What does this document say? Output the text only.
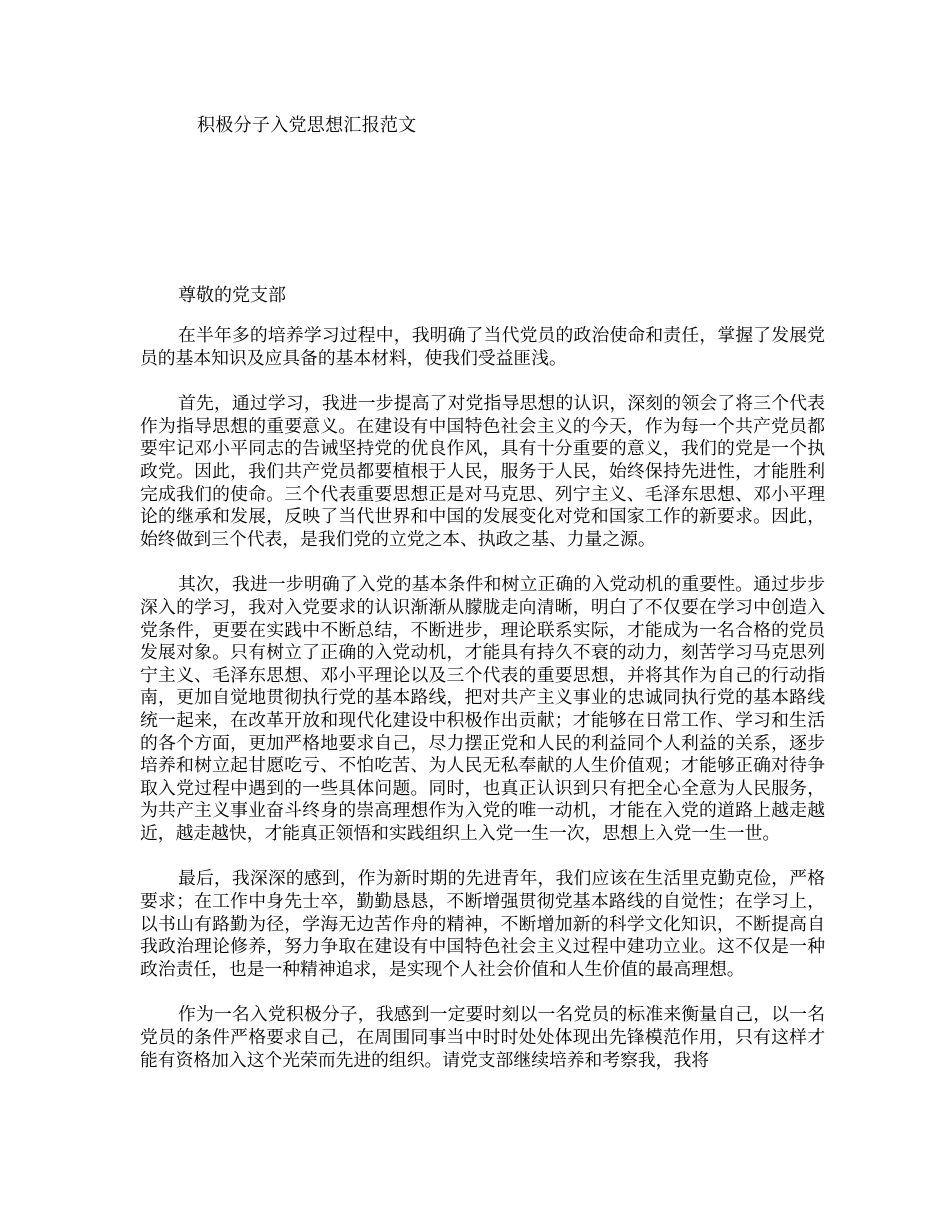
积极分子入党思想汇报范文

尊敬的党支部

在半年多的培养学习过程中，我明确了当代党员的政治使命和责任，掌握了发展党员的基本知识及应具备的基本材料，使我们受益匪浅。

首先，通过学习，我进一步提高了对党指导思想的认识，深刻的领会了将三个代表作为指导思想的重要意义。在建设有中国特色社会主义的今天，作为每一个共产党员都要牢记邓小平同志的告诫坚持党的优良作风，具有十分重要的意义，我们的党是一个执政党。因此，我们共产党员都要植根于人民，服务于人民，始终保持先进性，才能胜利完成我们的使命。三个代表重要思想正是对马克思、列宁主义、毛泽东思想、邓小平理论的继承和发展，反映了当代世界和中国的发展变化对党和国家工作的新要求。因此，始终做到三个代表，是我们党的立党之本、执政之基、力量之源。

其次，我进一步明确了入党的基本条件和树立正确的入党动机的重要性。通过步步深入的学习，我对入党要求的认识渐渐从朦胧走向清晰，明白了不仅要在学习中创造入党条件，更要在实践中不断总结，不断进步，理论联系实际，才能成为一名合格的党员发展对象。只有树立了正确的入党动机，才能具有持久不衰的动力，刻苦学习马克思列宁主义、毛泽东思想、邓小平理论以及三个代表的重要思想，并将其作为自己的行动指南，更加自觉地贯彻执行党的基本路线，把对共产主义事业的忠诚同执行党的基本路线统一起来，在改革开放和现代化建设中积极作出贡献；才能够在日常工作、学习和生活的各个方面，更加严格地要求自己，尽力摆正党和人民的利益同个人利益的关系，逐步培养和树立起甘愿吃亏、不怕吃苦、为人民无私奉献的人生价值观；才能够正确对待争取入党过程中遇到的一些具体问题。同时，也真正认识到只有把全心全意为人民服务，为共产主义事业奋斗终身的崇高理想作为入党的唯一动机，才能在入党的道路上越走越近，越走越快，才能真正领悟和实践组织上入党一生一次，思想上入党一生一世。

最后，我深深的感到，作为新时期的先进青年，我们应该在生活里克勤克俭，严格要求；在工作中身先士卒，勤勤恳恳，不断增强贯彻党基本路线的自觉性；在学习上，以书山有路勤为径，学海无边苦作舟的精神，不断增加新的科学文化知识，不断提高自我政治理论修养，努力争取在建设有中国特色社会主义过程中建功立业。这不仅是一种政治责任，也是一种精神追求，是实现个人社会价值和人生价值的最高理想。

作为一名入党积极分子，我感到一定要时刻以一名党员的标准来衡量自己，以一名党员的条件严格要求自己，在周围同事当中时时处处体现出先锋模范作用，只有这样才能有资格加入这个光荣而先进的组织。请党支部继续培养和考察我，我将
